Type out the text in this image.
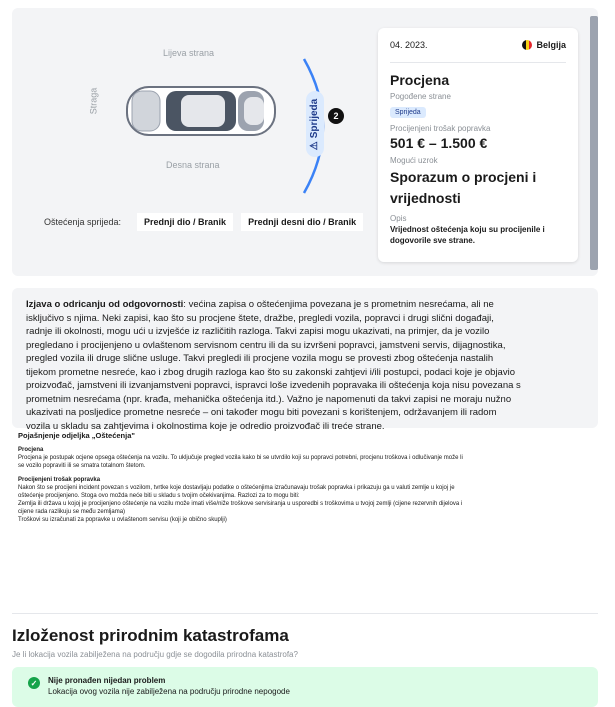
Lijeva strana
Desna strana
Straga
⚠
Sprijeda	2
Oštećenja sprijeda:	Prednji dio / Branik	Prednji desni dio / Branik
04. 2023.	Belgija
Procjena
Pogođene strane
Sprijeda
Procijenjeni trošak popravka
501 € – 1.500 €
Mogući uzrok
Sporazum o procjeni i
vrijednosti
Opis
Vrijednost oštećenja koju su procijenile i
dogovorile sve strane.
Izjava o odricanju od odgovornosti: većina zapisa o oštećenjima povezana je s prometnim nesrećama, ali ne
isključivo s njima. Neki zapisi, kao što su procjene štete, dražbe, pregledi vozila, popravci i drugi slični događaji,
radnje ili okolnosti, mogu ući u izvješće iz različitih razloga. Takvi zapisi mogu ukazivati, na primjer, da je vozilo
pregledano i procijenjeno u ovlaštenom servisnom centru ili da su izvršeni popravci, jamstveni servis, dijagnostika,
pregled vozila ili druge slične usluge. Takvi pregledi ili procjene vozila mogu se provesti zbog oštećenja nastalih
tijekom prometne nesreće, kao i zbog drugih razloga kao što su zakonski zahtjevi i/ili postupci, podaci koje je objavio
proizvođač, jamstveni ili izvanjamstveni popravci, ispravci loše izvedenih popravaka ili oštećenja koja nisu povezana s
prometnim nesrećama (npr. krađa, mehanička oštećenja itd.). Važno je napomenuti da takvi zapisi ne moraju nužno
ukazivati na posljedice prometne nesreće – oni također mogu biti povezani s korištenjem, održavanjem ili radom
vozila u skladu sa zahtjevima i okolnostima koje je odredio proizvođač ili treće strane.
Pojašnjenje odjeljka „Oštećenja"
Procjena
Procjena je postupak ocjene opsega oštećenja na vozilu. To uključuje pregled vozila kako bi se utvrdilo koji su popravci potrebni, procjenu troškova i odlučivanje može li
se vozilo popraviti ili se smatra totalnom štetom.
Procijenjeni trošak popravka
Nakon što se procijeni incident povezan s vozilom, tvrtke koje dostavljaju podatke o oštećenjima izračunavaju trošak popravka i prikazuju ga u valuti zemlje u kojoj je
oštećenje procijenjeno. Stoga ovo možda neće biti u skladu s tvojim očekivanjima. Razlozi za to mogu biti:
Zemlja ili država u kojoj je procijenjeno oštećenje na vozilu može imati više/niže troškove servisiranja u usporedbi s troškovima u tvojoj zemlji (cijene rezervnih dijelova i
cijene rada razlikuju se među zemljama)
Troškovi su izračunati za popravke u ovlaštenom servisu (koji je obično skuplji)
Izloženost prirodnim katastrofama
Je li lokacija vozila zabilježena na području gdje se dogodila prirodna katastrofa?
✓	Nije pronađen nijedan problem
Lokacija ovog vozila nije zabilježena na području prirodne nepogode
